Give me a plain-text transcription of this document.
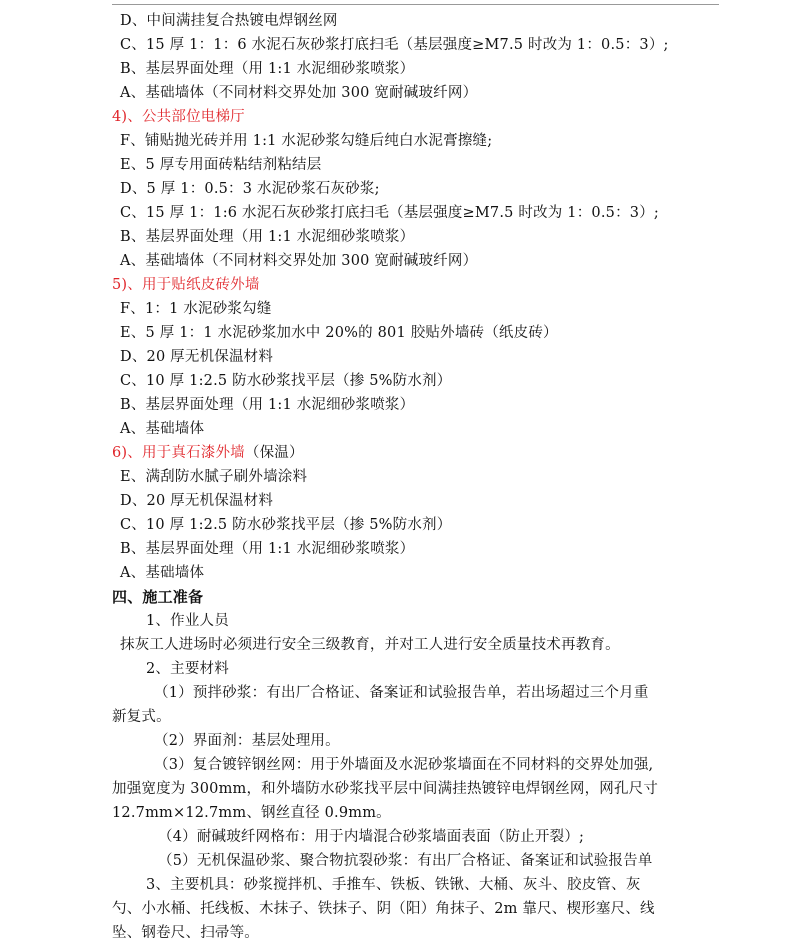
D、中间满挂复合热镀电焊钢丝网
C、15 厚 1：1：6 水泥石灰砂浆打底扫毛（基层强度≥M7.5 时改为 1：0.5：3）;
B、基层界面处理（用 1:1 水泥细砂浆喷浆）
A、基础墙体（不同材料交界处加 300 宽耐碱玻纤网）
4)、公共部位电梯厅
F、铺贴抛光砖并用 1:1 水泥砂浆勾缝后纯白水泥膏擦缝;
E、5 厚专用面砖粘结剂粘结层
D、5 厚 1：0.5：3 水泥砂浆石灰砂浆;
C、15 厚 1：1:6 水泥石灰砂浆打底扫毛（基层强度≥M7.5 时改为 1：0.5：3）;
B、基层界面处理（用 1:1 水泥细砂浆喷浆）
A、基础墙体（不同材料交界处加 300 宽耐碱玻纤网）
5)、用于贴纸皮砖外墙
F、1：1 水泥砂浆勾缝
E、5 厚 1：1 水泥砂浆加水中 20%的 801 胶贴外墙砖（纸皮砖）
D、20 厚无机保温材料
C、10 厚 1:2.5 防水砂浆找平层（掺 5%防水剂）
B、基层界面处理（用 1:1 水泥细砂浆喷浆）
A、基础墙体
6)、用于真石漆外墙（保温）
E、满刮防水腻子刷外墙涂料
D、20 厚无机保温材料
C、10 厚 1:2.5 防水砂浆找平层（掺 5%防水剂）
B、基层界面处理（用 1:1 水泥细砂浆喷浆）
A、基础墙体
四、施工准备
1、作业人员
抹灰工人进场时必须进行安全三级教育，并对工人进行安全质量技术再教育。
2、主要材料
（1）预拌砂浆：有出厂合格证、备案证和试验报告单，若出场超过三个月重
新复式。
（2）界面剂：基层处理用。
（3）复合镀锌钢丝网：用于外墙面及水泥砂浆墙面在不同材料的交界处加强,
加强宽度为 300mm，和外墙防水砂浆找平层中间满挂热镀锌电焊钢丝网，网孔尺寸
12.7mm×12.7mm、钢丝直径 0.9mm。
（4）耐碱玻纤网格布：用于内墙混合砂浆墙面表面（防止开裂）;
（5）无机保温砂浆、聚合物抗裂砂浆：有出厂合格证、备案证和试验报告单
3、主要机具：砂浆搅拌机、手推车、铁板、铁锹、大桶、灰斗、胶皮管、灰
勺、小水桶、托线板、木抹子、铁抹子、阴（阳）角抹子、2m 靠尺、楔形塞尺、线
坠、钢卷尺、扫帚等。
